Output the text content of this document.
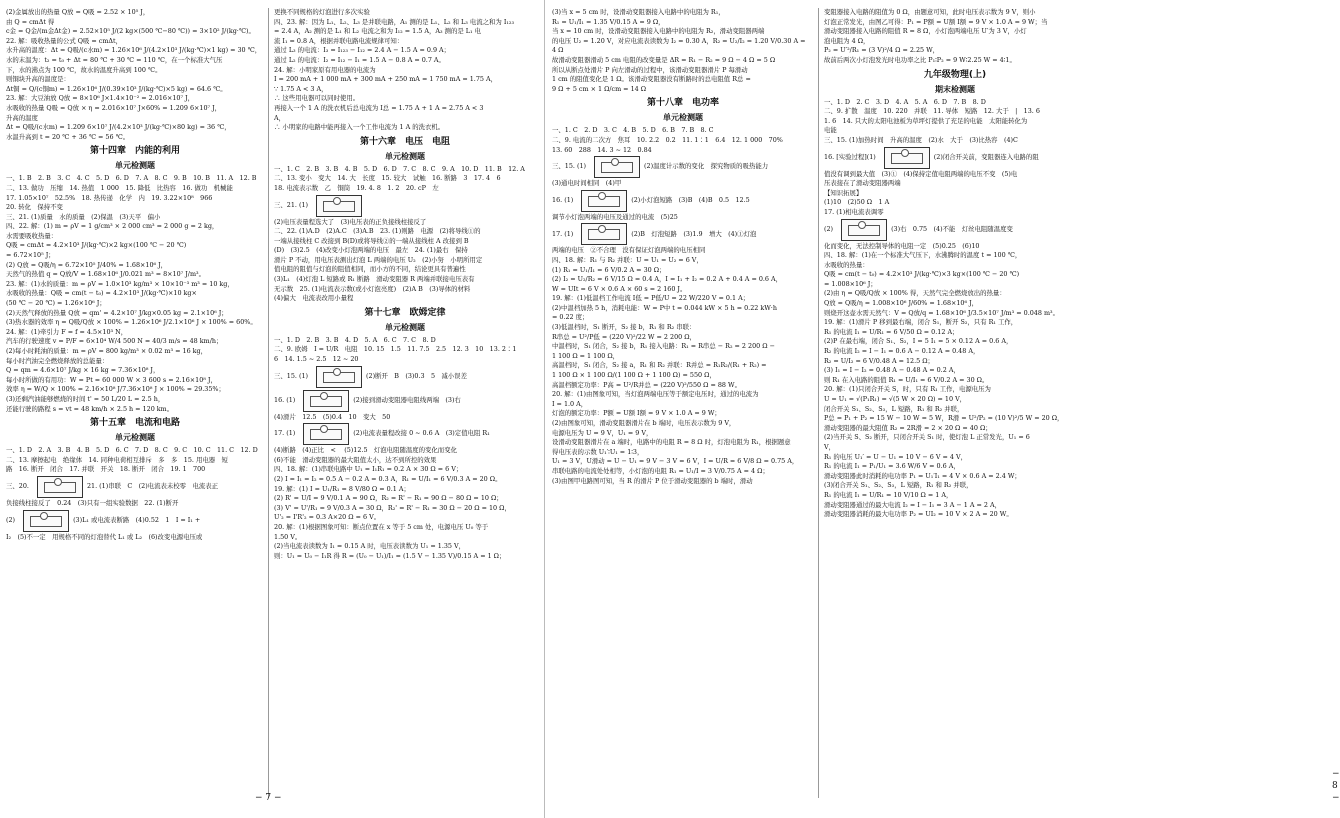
(2)金属放出的热量 Q放 = Q吸 = 2.52 × 10⁵ J，
由 Q = cmΔt 得
c金 = Q金/(m金Δt金) = 2.52×10⁵ J/(2 kg×(500 ℃−80 ℃)) = 3×10² J/(kg·℃)。
22. 解：吸收热量的公式 Q吸 = cmΔt，
水升高的温度：Δt = Q吸/(c水m) = 1.26×10⁶ J/(4.2×10³ J/(kg·℃)×1 kg) = 30 ℃，
水的末温为：t₂ = t₀ + Δt = 80 ℃ + 30 ℃ = 110 ℃，在一个标准大气压
下，水的沸点为 100 ℃，故水的温度升高到 100 ℃。
则铜块升高的温度是：
Δt铜 = Q/(c铜m) = 1.26×10⁶ J/(0.39×10³ J/(kg·℃)×5 kg) ≈ 64.6 ℃。
23. 解：大豆油放 Q放 = 8×10⁶ J×1.4×10⁻² = 2.016×10⁷ J，
水吸收的热量 Q吸 = Q放 × η = 2.016×10⁷ J×60% = 1.209 6×10⁷ J，
升高的温度
Δt = Q吸/(c水m) = 1.209 6×10⁷ J/(4.2×10³ J/(kg·℃)×80 kg) = 36 ℃，
水温升高到 t = 20 ℃ + 36 ℃ = 56 ℃。
第十四章　内能的利用
单元检测题
一、1. B　2. B　3. C　4. C　5. D　6. D　7. A　8. C　9. B　10. B　11. A　12. B
二、13. 做功　压缩　14. 热值　1 000　15. 降低　比热容　16. 做功　机械能
17. 1.05×10⁷　52.5%　18. 热传递　化学　内　19. 3.22×10⁸　966
20. 转化　保持不变
三、21. (1)质量　水的质量　(2)保温　(3)天平　偏小
四、22. 解：(1) m = ρV = 1 g/cm³ × 2 000 cm³ = 2 000 g = 2 kg，
水需要吸收热量：
Q吸 = cmΔt = 4.2×10³ J/(kg·℃)×2 kg×(100 ℃ − 20 ℃)
= 6.72×10⁵ J；
(2) Q放 = Q吸/η = 6.72×10⁵ J/40% = 1.68×10⁶ J，
天然气的热值 q = Q放/V = 1.68×10⁶ J/0.021 m³ = 8×10⁷ J/m³。
23. 解：(1)水的质量：m = ρV = 1.0×10³ kg/m³ × 10×10⁻³ m³ = 10 kg，
水吸收的热量：Q吸 = cm(t − t₀) = 4.2×10³ J/(kg·℃)×10 kg×
(50 ℃ − 20 ℃) = 1.26×10⁶ J；
(2)天然气释放的热量 Q放 = qm' = 4.2×10⁷ J/kg×0.05 kg = 2.1×10⁶ J；
(3)热水器的效率 η = Q吸/Q放 × 100% = 1.26×10⁶ J/2.1×10⁶ J × 100% = 60%。
24. 解：(1)牵引力 F = f = 4.5×10³ N，
汽车的行驶速度 v = P/F = 6×10⁴ W/4 500 N = 40/3 m/s = 48 km/h；
(2)每小时耗油的质量：m = ρV = 800 kg/m³ × 0.02 m³ = 16 kg，
每小时汽油完全燃烧释放的总能量：
Q = qm = 4.6×10⁷ J/kg × 16 kg = 7.36×10⁸ J，
每小时所做的有用功：W = Pt = 60 000 W × 3 600 s = 2.16×10⁸ J，
效率 η = W/Q × 100% = 2.16×10⁸ J/7.36×10⁸ J × 100% ≈ 29.35%；
(3)还剩汽油能够燃烧的时间 t' = 50 L/20 L = 2.5 h，
还能行驶的路程 s = vt = 48 km/h × 2.5 h = 120 km。
第十五章　电流和电路
单元检测题
一、1. D　2. A　3. B　4. B　5. D　6. C　7. D　8. C　9. C　10. C　11. C　12. D
二、13. 摩擦起电　绝缘体　14. 同种电荷相互排斥　多　多　15. 用电器　短
路　16. 断开　闭合　17. 并联　开关　18. 断开　闭合　19. 1　700
三、20.	21. (1)串联　C　(2)电流表未校零　电流表正
负接线柱接反了　0.24　(3)只有一组实验数据　22. (1)断开
(2)	(3)L₁ 或电流表断路　(4)0.52　1　I = I₁ +
I₂　(5)不一定　用规格不同的灯泡替代 L₁ 或 L₂　(6)改变电源电压或
更换不同规格的灯泡进行多次实验
四、23. 解：因为 L₁、L₂、L₃ 是并联电路，A₁ 测的是 L₁、L₂ 和 L₃ 电流之和为 I₁₂₃
= 2.4 A，A₂ 测的是 L₁ 和 L₂ 电流之和为 I₁₂ = 1.5 A，A₃ 测的是 L₁ 电
流 I₁ = 0.8 A，根据并联电路电流规律可知：
通过 L₃ 的电流：I₃ = I₁₂₃ − I₁₂ = 2.4 A − 1.5 A = 0.9 A；
通过 L₂ 的电流：I₂ = I₁₂ − I₁ = 1.5 A − 0.8 A = 0.7 A。
24. 解：小明家原有用电器的电流为
I = 200 mA + 1 000 mA + 300 mA + 250 mA = 1 750 mA = 1.75 A，
∵ 1.75 A < 3 A，
∴ 这些用电器可以同时使用。
再接入一个 1 A 的洗衣机后总电流为 I总 = 1.75 A + 1 A = 2.75 A < 3
A，
∴ 小明家的电路中能再接入一个工作电流为 1 A 的洗衣机。
第十六章　电压　电阻
单元检测题
一、1. C　2. B　3. B　4. B　5. D　6. D　7. C　8. C　9. A　10. D　11. B　12. A
二、13. 变小　变大　14. 大　长度　15. 较大　试触　16. 断路　3　17. 4　6
18. 电流表示数　乙　铜筒　19. 4. 8　1. 2　20. cP　左
三、21. (1)
(2)电压表量程选大了　(3)电压表的正负接线柱接反了
二、22. (1)A.D　(2)A.C　(3)A.B　23. (1)则路　电源　(2)将导线①的
一端从接线柱 C 改接到 B(D)或将导线②的一端从接线柱 A 改接到 B
(D)　(3)2.5　(4)改变小灯泡两端的电压　最左　24. (1)最右　保持
滑片 P 不动，用电压表测出灯泡 L 两端的电压 U₂　(2)小努　小明所用定
值电阻的阻值与灯泡的阻值相同，而小方的不同，结论更具有普遍性
(3)L₁　(4)灯泡 L 短路或 R₁ 断路　滑动变阻器 R 两端并联接电压表有
无示数　25. (1)电流表示数(或小灯泡亮度)　(2)A B　(3)导体的材料
(4)偏大　电流表改用小量程
第十七章　欧姆定律
单元检测题
一、1. D　2. B　3. B　4. D　5. A　6. C　7. C　8. D
二、9. 欧姆　I = U/R　电阻　10. 15　1.5　11. 7.5　2.5　12. 3　10　13. 2∶1
6　14. 1.5 ~ 2.5　12 ~ 20
三、15. (1)	(2)断开　B　(3)0.3　5　减小误差
16. (1)	(2)接到滑动变阻器电阻线两端　(3)右
(4)滑片　12.5　(5)0.4　10　变大　50
17. (1)	(2)电流表量程改接 0 ~ 0.6 A　(3)定值电阻 R₁
(4)断路　(4)正比　< 　(5)12.5　灯泡电阻随温度的变化而变化
(6)不能　滑动变阻器的最大阻值太小，达不到所控的效果
四、18. 解：(1)串联电路中 U₁ = I₁R₁ = 0.2 A × 30 Ω = 6 V；
(2) I = I₁ = I₂ = 0.5 A − 0.2 A = 0.3 A，R₁ = U/I₁ = 6 V/0.3 A = 20 Ω。
19. 解：(1) I = U₁/R₁ = 8 V/80 Ω = 0.1 A；
(2) R' = U/I = 9 V/0.1 A = 90 Ω，R₂ = R' − R₁ = 90 Ω − 80 Ω = 10 Ω；
(3) V' = U'/R₁ = 9 V/0.3 A = 30 Ω，R₂' = R' − R₁ = 30 Ω − 20 Ω = 10 Ω，
U'₂ = I'R'₂ = 0.3 A×20 Ω = 6 V。
20. 解：(1)根据图象可知：断点位置在 x 等于 5 cm 处，电源电压 U₀ 等于
1.50 V。
(2)当电流表读数为 I₁ = 0.15 A 时，电压表读数为 U₁ = 1.35 V，
则：U₁ = U₀ − I₁R 得 R = (U₀ − U₁)/I₁ = (1.5 V − 1.35 V)/0.15 A = 1 Ω；
− 7 −
(3)当 x = 5 cm 时，设滑动变阻器接入电路中的电阻为 R₁，
R₁ = U₁/I₁ = 1.35 V/0.15 A = 9 Ω，
当 x = 10 cm 时，设滑动变阻器接入电路中的电阻为 R₂，滑动变阻器两端
的电压 U₂ = 1.20 V，对应电流表读数为 I₂ = 0.30 A，R₂ = U₂/I₂ = 1.20 V/0.30 A =
4 Ω
故滑动变阻器滑动 5 cm 电阻的改变量是 ΔR = R₁ − R₂ = 9 Ω − 4 Ω = 5 Ω
所以从断点处滑片 P 向左滑动的过程中，该滑动变阻器滑片 P 每滑动
1 cm 的阻值变化是 1 Ω。该滑动变阻器没有断路时的总电阻值 R总 =
9 Ω + 5 cm × 1 Ω/cm = 14 Ω
第十八章　电功率
单元检测题
一、1. C　2. D　3. C　4. B　5. D　6. B　7. B　8. C
二、9. 电流的二次方　焦耳　10. 2.2　0.2　11. 1∶1　6.4　12. 1 000　70%
13. 60　288　14. 3 ~ 12　0.84
三、15. (1)	(2)温度计示数的变化　探究物质的吸热能力
(3)通电时间相同　(4)甲
16. (1)	(2)小灯泡短路　(3)B　(4)B　0.5　12.5
调节小灯泡两端的电压及通过的电流　(5)25
17. (1)	(2)B　灯泡短路　(3)1.9　增大　(4)①灯泡
两端的电压　②不合理　没有保证灯泡两端的电压相同
四、18. 解：R₁ 与 R₂ 并联：U = U₁ = U₂ = 6 V，
(1) R₁ = U₁/I₁ = 6 V/0.2 A = 30 Ω；
(2) I₂ = U₂/R₂ = 6 V/15 Ω = 0.4 A，I = I₁ + I₂ = 0.2 A + 0.4 A = 0.6 A，
W = UIt = 6 V × 0.6 A × 60 s = 2 160 J。
19. 解：(1)低温档工作电流 I低 = P低/U = 22 W/220 V = 0.1 A；
(2)中温档加热 5 h，消耗电能：W = P中 t = 0.044 kW × 5 h = 0.22 kW·h
= 0.22 度；
(3)低温档时，S₁ 断开，S₂ 接 b，R₁ 和 R₂ 串联：
R串总 = U²/P低 = (220 V)²/22 W = 2 200 Ω，
中温档时，S₁ 闭合，S₂ 接 b，R₁ 接入电路：R₁ = R串总 − R₂ = 2 200 Ω −
1 100 Ω = 1 100 Ω，
高温档时，S₁ 闭合，S₂ 接 a，R₁ 和 R₂ 并联：R并总 = R₁R₂/(R₁ + R₂) =
1 100 Ω × 1 100 Ω/(1 100 Ω + 1 100 Ω) = 550 Ω，
高温档额定功率：P高 = U²/R并总 = (220 V)²/550 Ω = 88 W。
20. 解：(1)由图象可知，当灯泡两端电压等于额定电压时，通过的电流为
I = 1.0 A，
灯泡的额定功率：P额 = U额 I额 = 9 V × 1.0 A = 9 W；
(2)由图象可知，滑动变阻器滑片在 b 端时，电压表示数为 9 V，
电源电压为 U = 9 V，U₁ = 9 V，
设滑动变阻器滑片在 a 端时，电路中的电阻 R = 8 Ω 时，灯泡电阻为 R₁，根据题意
得电压表的示数 U₁′∶U₁ = 1∶3，
U₁ = 3 V，U滑动 = U − U₁ = 9 V − 3 V = 6 V，I = U/R = 6 V/8 Ω = 0.75 A，
串联电路的电流处处相等，小灯泡的电阻 R₁ = U₁/I = 3 V/0.75 A = 4 Ω；
(3)由图甲电路图可知，当 R 的滑片 P 位于滑动变阻器的 b 端时，滑动
变阻器接入电路的阻值为 0 Ω，由题意可知，此时电压表示数为 9 V，则小
灯泡正常发光，由图乙可得：P₁ = P额 = U额 I额 = 9 V × 1.0 A = 9 W；当
滑动变阻器接入电路的阻值 R = 8 Ω，小灯泡两端电压 U′为 3 V，小灯
泡电阻为 4 Ω，
P₂ = U′²/R₁ = (3 V)²/4 Ω = 2.25 W，
故前后两次小灯泡发光时电功率之比 P₁∶P₂ = 9 W∶2.25 W = 4∶1。
九年级物理(上)
期末检测题
一、1. D　2. C　3. D　4. A　5. A　6. D　7. B　8. D
二、9. 扩散　温度　10. 220　并联　11. 导体　短路　12. 大于　|　13. 6
1. 6　14. 只大的太阳电池板为草坪灯提供了充足的电能　太阳能转化为
电能
三、15. (1)加热时间　升高的温度　(2)水　大于　(3)比热容　(4)C
16. [实验过程](1)	(2)闭合开关前，变阻器连入电路的阻
值没有调到最大值　(3)①　(4)保持定值电阻两端的电压不变　(5)电
压表接在了滑动变阻器两端
【知识拓展】
(1)10　(2)50 Ω　1 A
17. (1)相电流表调零
(2)	(3)右　0.75　(4)不能　灯丝电阻随温度变
化而变化，无法控制导体的电阻一定　(5)0.25　(6)10
四、18. 解：(1)在一个标准大气压下，水沸腾时的温度 t = 100 ℃，
水吸收的热量：
Q吸 = cm(t − t₀) = 4.2×10³ J/(kg·℃)×3 kg×(100 ℃ − 20 ℃)
= 1.008×10⁶ J；
(2)由 η = Q吸/Q放 × 100% 得，天然气完全燃烧放出的热量：
Q放 = Q吸/η = 1.008×10⁶ J/60% = 1.68×10⁶ J，
则烧开这壶水需天然气：V = Q放/q = 1.68×10⁶ J/3.5×10⁷ J/m³ = 0.048 m³。
19. 解：(1)滑片 P 移到最右端，闭合 S₁，断开 S₂，只有 R₁ 工作，
R₁ 的电流 I₁ = U/R₁ = 6 V/50 Ω = 0.12 A；
(2)P 在最右端，闭合 S₁、S₂，I = 5 I₁ = 5 × 0.12 A = 0.6 A，
R₂ 的电流 I₂ = I − I₁ = 0.6 A − 0.12 A = 0.48 A，
R₂ = U/I₂ = 6 V/0.48 A = 12.5 Ω；
(3) I₁ = I − I₂ = 0.48 A − 0.48 A = 0.2 A，
则 R₁ 在入电路的阻值 R₁ = U/I₁ = 6 V/0.2 A = 30 Ω。
20. 解：(1)只闭合开关 S，时，只有 R₁ 工作，电源电压为
U = U₁ = √(P₁R₁) = √(5 W × 20 Ω) = 10 V，
闭合开关 S₁、S₂、S₃，L 短路，R₁ 和 R₂ 并联，
P总 = P₁ + P₂ = 15 W − 10 W = 5 W，R滑 = U²/P₂ = (10 V)²/5 W = 20 Ω，
滑动变阻器的最大阻值 R₂ = 2R滑 = 2 × 20 Ω = 40 Ω；
(2)当开关 S、S₂ 断开，只闭合开关 S₁ 时，使灯泡 L 正常发光，U₁ = 6
V，
R₁ 的电压 U₁′ = U − U₁ = 10 V − 6 V = 4 V，
R₁ 的电流 I₁ = P₁/U₁ = 3.6 W/6 V = 0.6 A，
滑动变阻器此时消耗的电功率 P₁ = U₁′I₁ = 4 V × 0.6 A = 2.4 W；
(3)闭合开关 S₁、S₂、S₃，L 短路，R₁ 和 R₂ 并联，
R₁ 的电流 I₁ = U/R₁ = 10 V/10 Ω = 1 A，
滑动变阻器通过的最大电流 I₂ = I − I₁ = 3 A − 1 A = 2 A，
滑动变阻器消耗的最大电功率 P₂ = UI₂ = 10 V × 2 A = 20 W。
− 8 −
